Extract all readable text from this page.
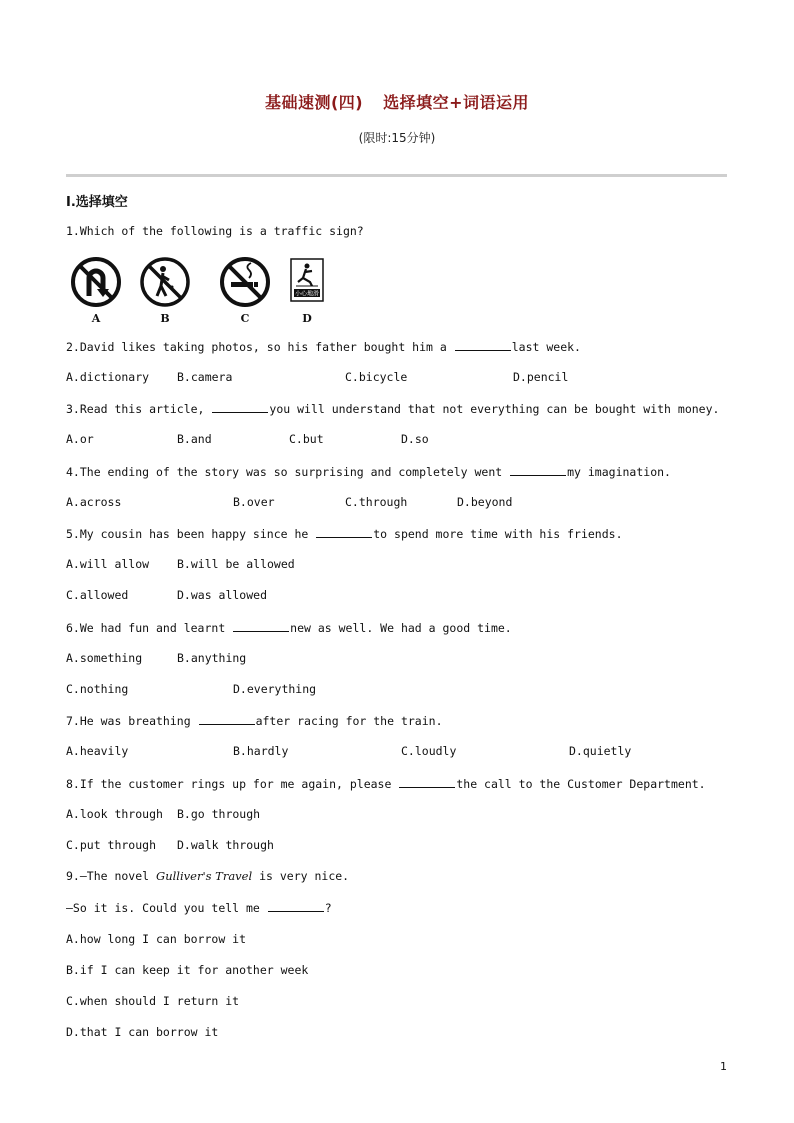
基础速测(四) 选择填空+词语运用
(限时:15分钟)
Ⅰ.选择填空
1.Which of the following is a traffic sign?
小心地滑
A	B	C	D
2.David likes taking photos, so his father bought him a	last week.
A.dictionary B.camera	C.bicycle	D.pencil
3.Read this article,	you will understand that not everything can be bought with money.
A.or	B.and	C.but	D.so
4.The ending of the story was so surprising and completely went	my imagination.
A.across	B.over	C.through	D.beyond
5.My cousin has been happy since he	to spend more time with his friends.
A.will allow B.will be allowed
C.allowed	D.was allowed
6.We had fun and learnt	new as well. We had a good time.
A.something	B.anything
C.nothing	D.everything
7.He was breathing	after racing for the train.
A.heavily	B.hardly	C.loudly	D.quietly
8.If the customer rings up for me again, please	the call to the Customer Department.
A.look through B.go through
C.put through D.walk through
9.—The novel Gulliver's Travel is very nice.
—So it is. Could you tell me	?
A.how long I can borrow it
B.if I can keep it for another week
C.when should I return it
D.that I can borrow it
1
